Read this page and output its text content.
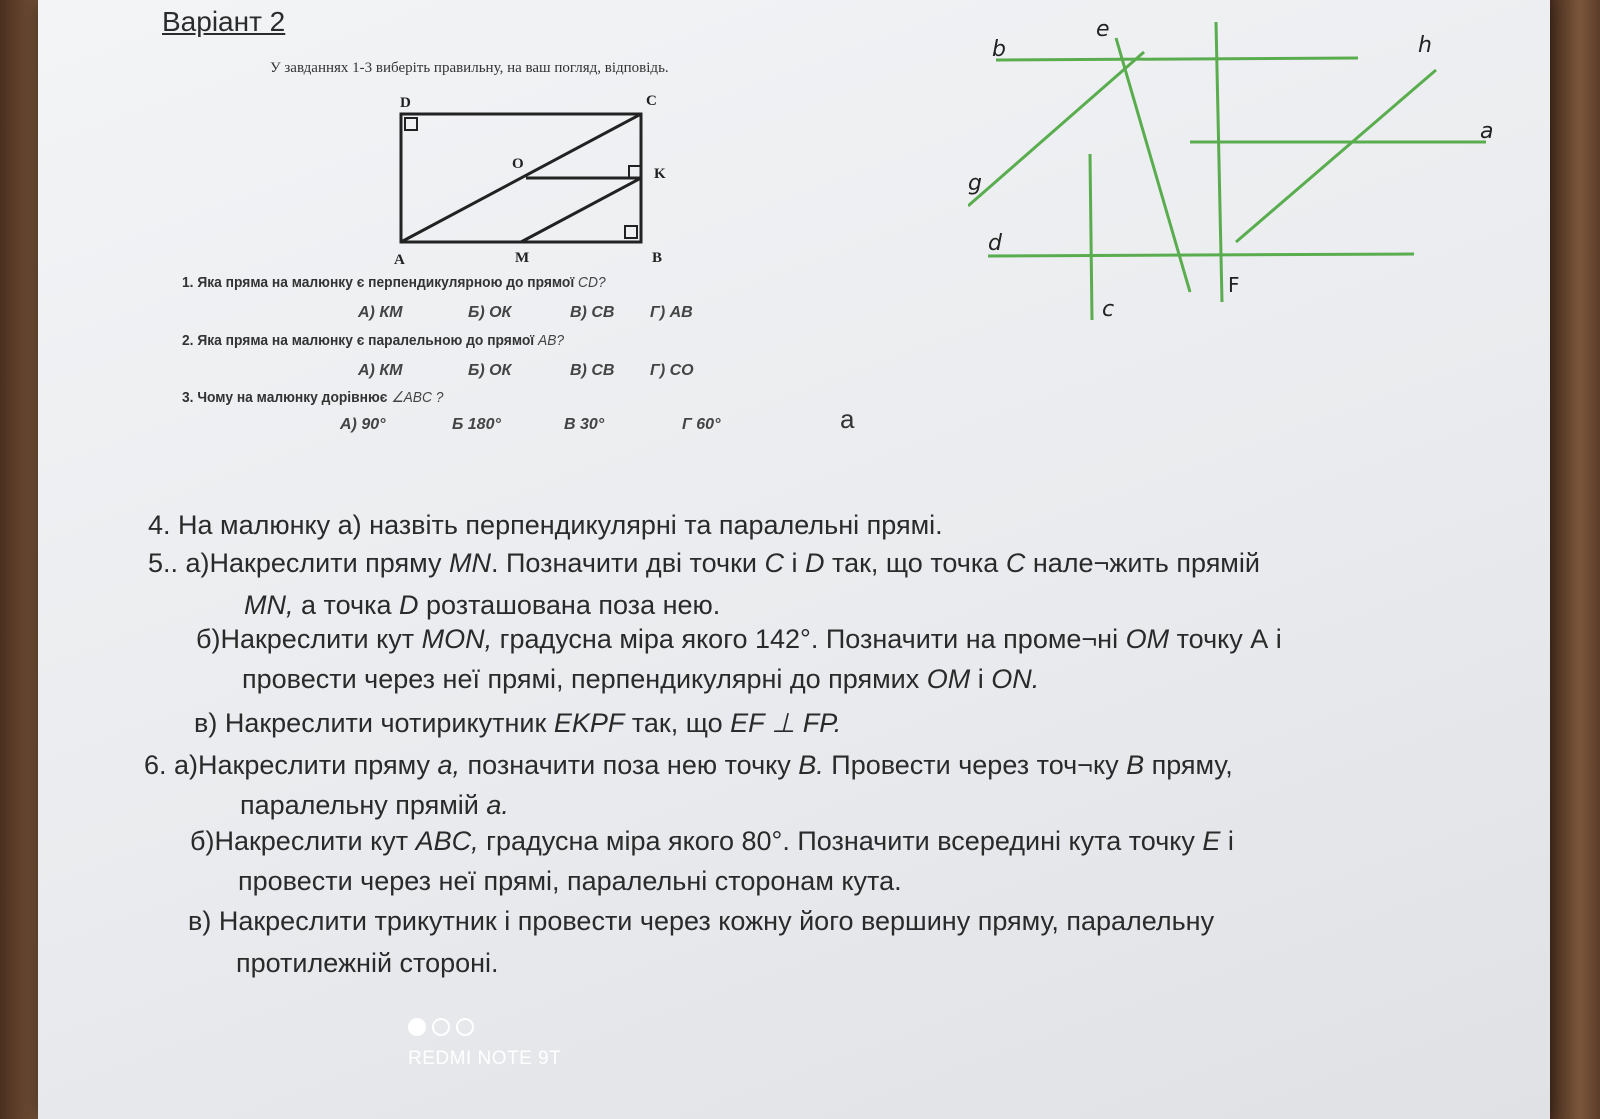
Варіант 2
У завданнях 1-3 виберіть правильну, на ваш погляд, відповідь.
D	C
O
K
A	M	B
b
e
h
a
g
d
c
F
1. Яка пряма на малюнку є перпендикулярною до прямої CD?
А) КМ	Б) ОК	В) СВ Г) АВ
2. Яка пряма на малюнку є паралельною до прямої АВ?
А) КМ	Б) ОК	В) СВ Г) СО
3. Чому на малюнку дорівнює ∠ABC ?
А) 90°	Б 180°	В 30°	Г 60°	a
4. На малюнку а) назвіть перпендикулярні та паралельні прямі.
5.. а)Накреслити пряму MN. Позначити дві точки C і D так, що точка C нале¬жить прямій
MN, а точка D розташована поза нею.
б)Накреслити кут MON, градусна міра якого 142°. Позначити на проме¬ні OM точку А і
провести через неї прямі, перпендикулярні до прямих OM і ON.
в) Накреслити чотирикутник EKPF так, що EF ⊥ FP.
6. а)Накреслити пряму a, позначити поза нею точку B. Провести через точ¬ку B пряму,
паралельну прямій a.
б)Накреслити кут ABC, градусна міра якого 80°. Позначити всередині кута точку E і
провести через неї прямі, паралельні сторонам кута.
в) Накреслити трикутник і провести через кожну його вершину пряму, паралельну
протилежній стороні.
REDMI NOTE 9T
